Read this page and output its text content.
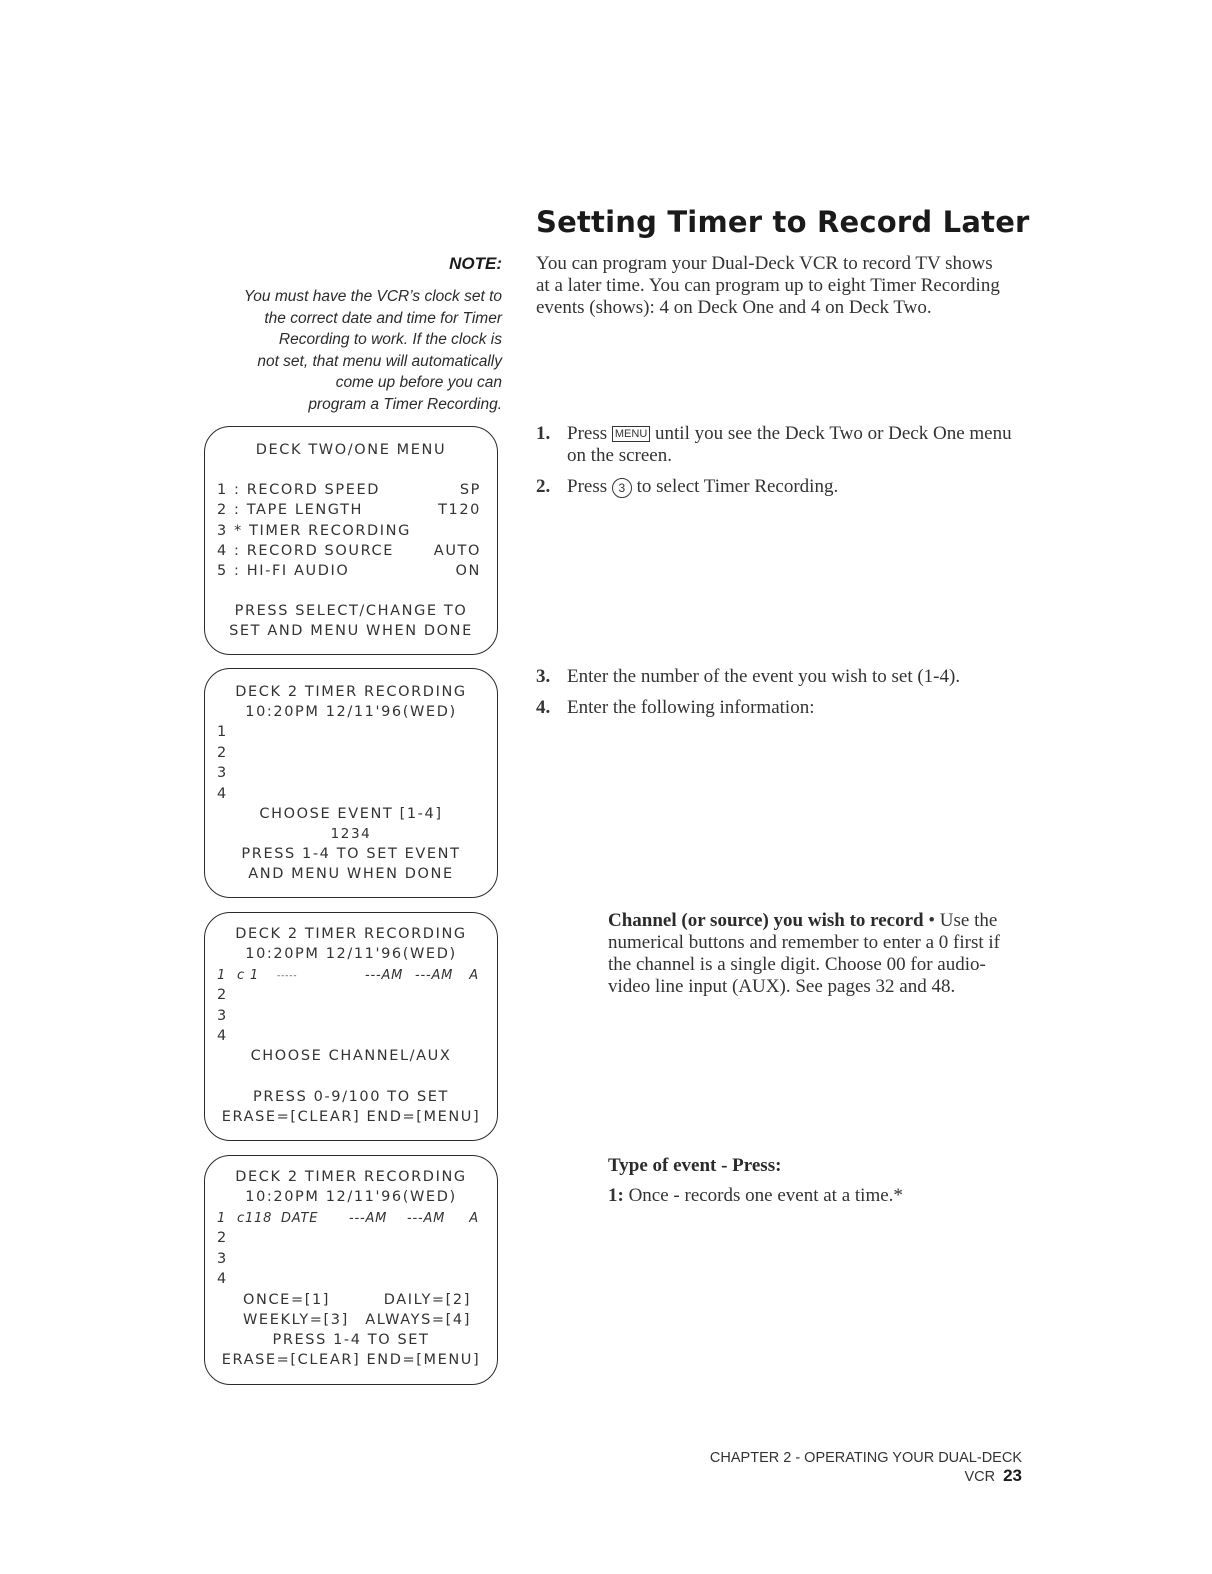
Setting Timer to Record Later
NOTE:
You must have the VCR’s clock set to
the correct date and time for Timer
Recording to work. If the clock is
not set, that menu will automatically
come up before you can
program a Timer Recording.
You can program your Dual-Deck VCR to record TV shows at a later time. You can program up to eight Timer Recording events (shows): 4 on Deck One and 4 on Deck Two.
1. Press MENU until you see the Deck Two or Deck One menu on the screen.
2. Press 3 to select Timer Recording.
3. Enter the number of the event you wish to set (1-4).
4. Enter the following information:
DECK TWO/ONE MENU
1 : RECORD SPEED	SP
2 : TAPE LENGTH	T120
3 * TIMER RECORDING
4 : RECORD SOURCE	AUTO
5 : HI-FI AUDIO	ON
PRESS SELECT/CHANGE TO
SET AND MENU WHEN DONE
DECK 2 TIMER RECORDING
10:20PM 12/11'96(WED)
1
2
3
4
CHOOSE EVENT [1-4]
1234
PRESS 1-4 TO SET EVENT
AND MENU WHEN DONE
DECK 2 TIMER RECORDING
10:20PM 12/11'96(WED)
1 c 1 -----	---AM ---AM A
2
3
4
CHOOSE CHANNEL/AUX
PRESS 0-9/100 TO SET
ERASE=[CLEAR] END=[MENU]
DECK 2 TIMER RECORDING
10:20PM 12/11'96(WED)
1 c118 DATE ---AM ---AM A
2
3
4
ONCE=[1]	DAILY=[2]
WEEKLY=[3] ALWAYS=[4]
PRESS 1-4 TO SET
ERASE=[CLEAR] END=[MENU]
Channel (or source) you wish to record • Use the numerical buttons and remember to enter a 0 first if the channel is a single digit. Choose 00 for audio-video line input (AUX). See pages 32 and 48.
Type of event - Press:
1: Once - records one event at a time.*
CHAPTER 2 - OPERATING YOUR DUAL-DECK VCR 23
